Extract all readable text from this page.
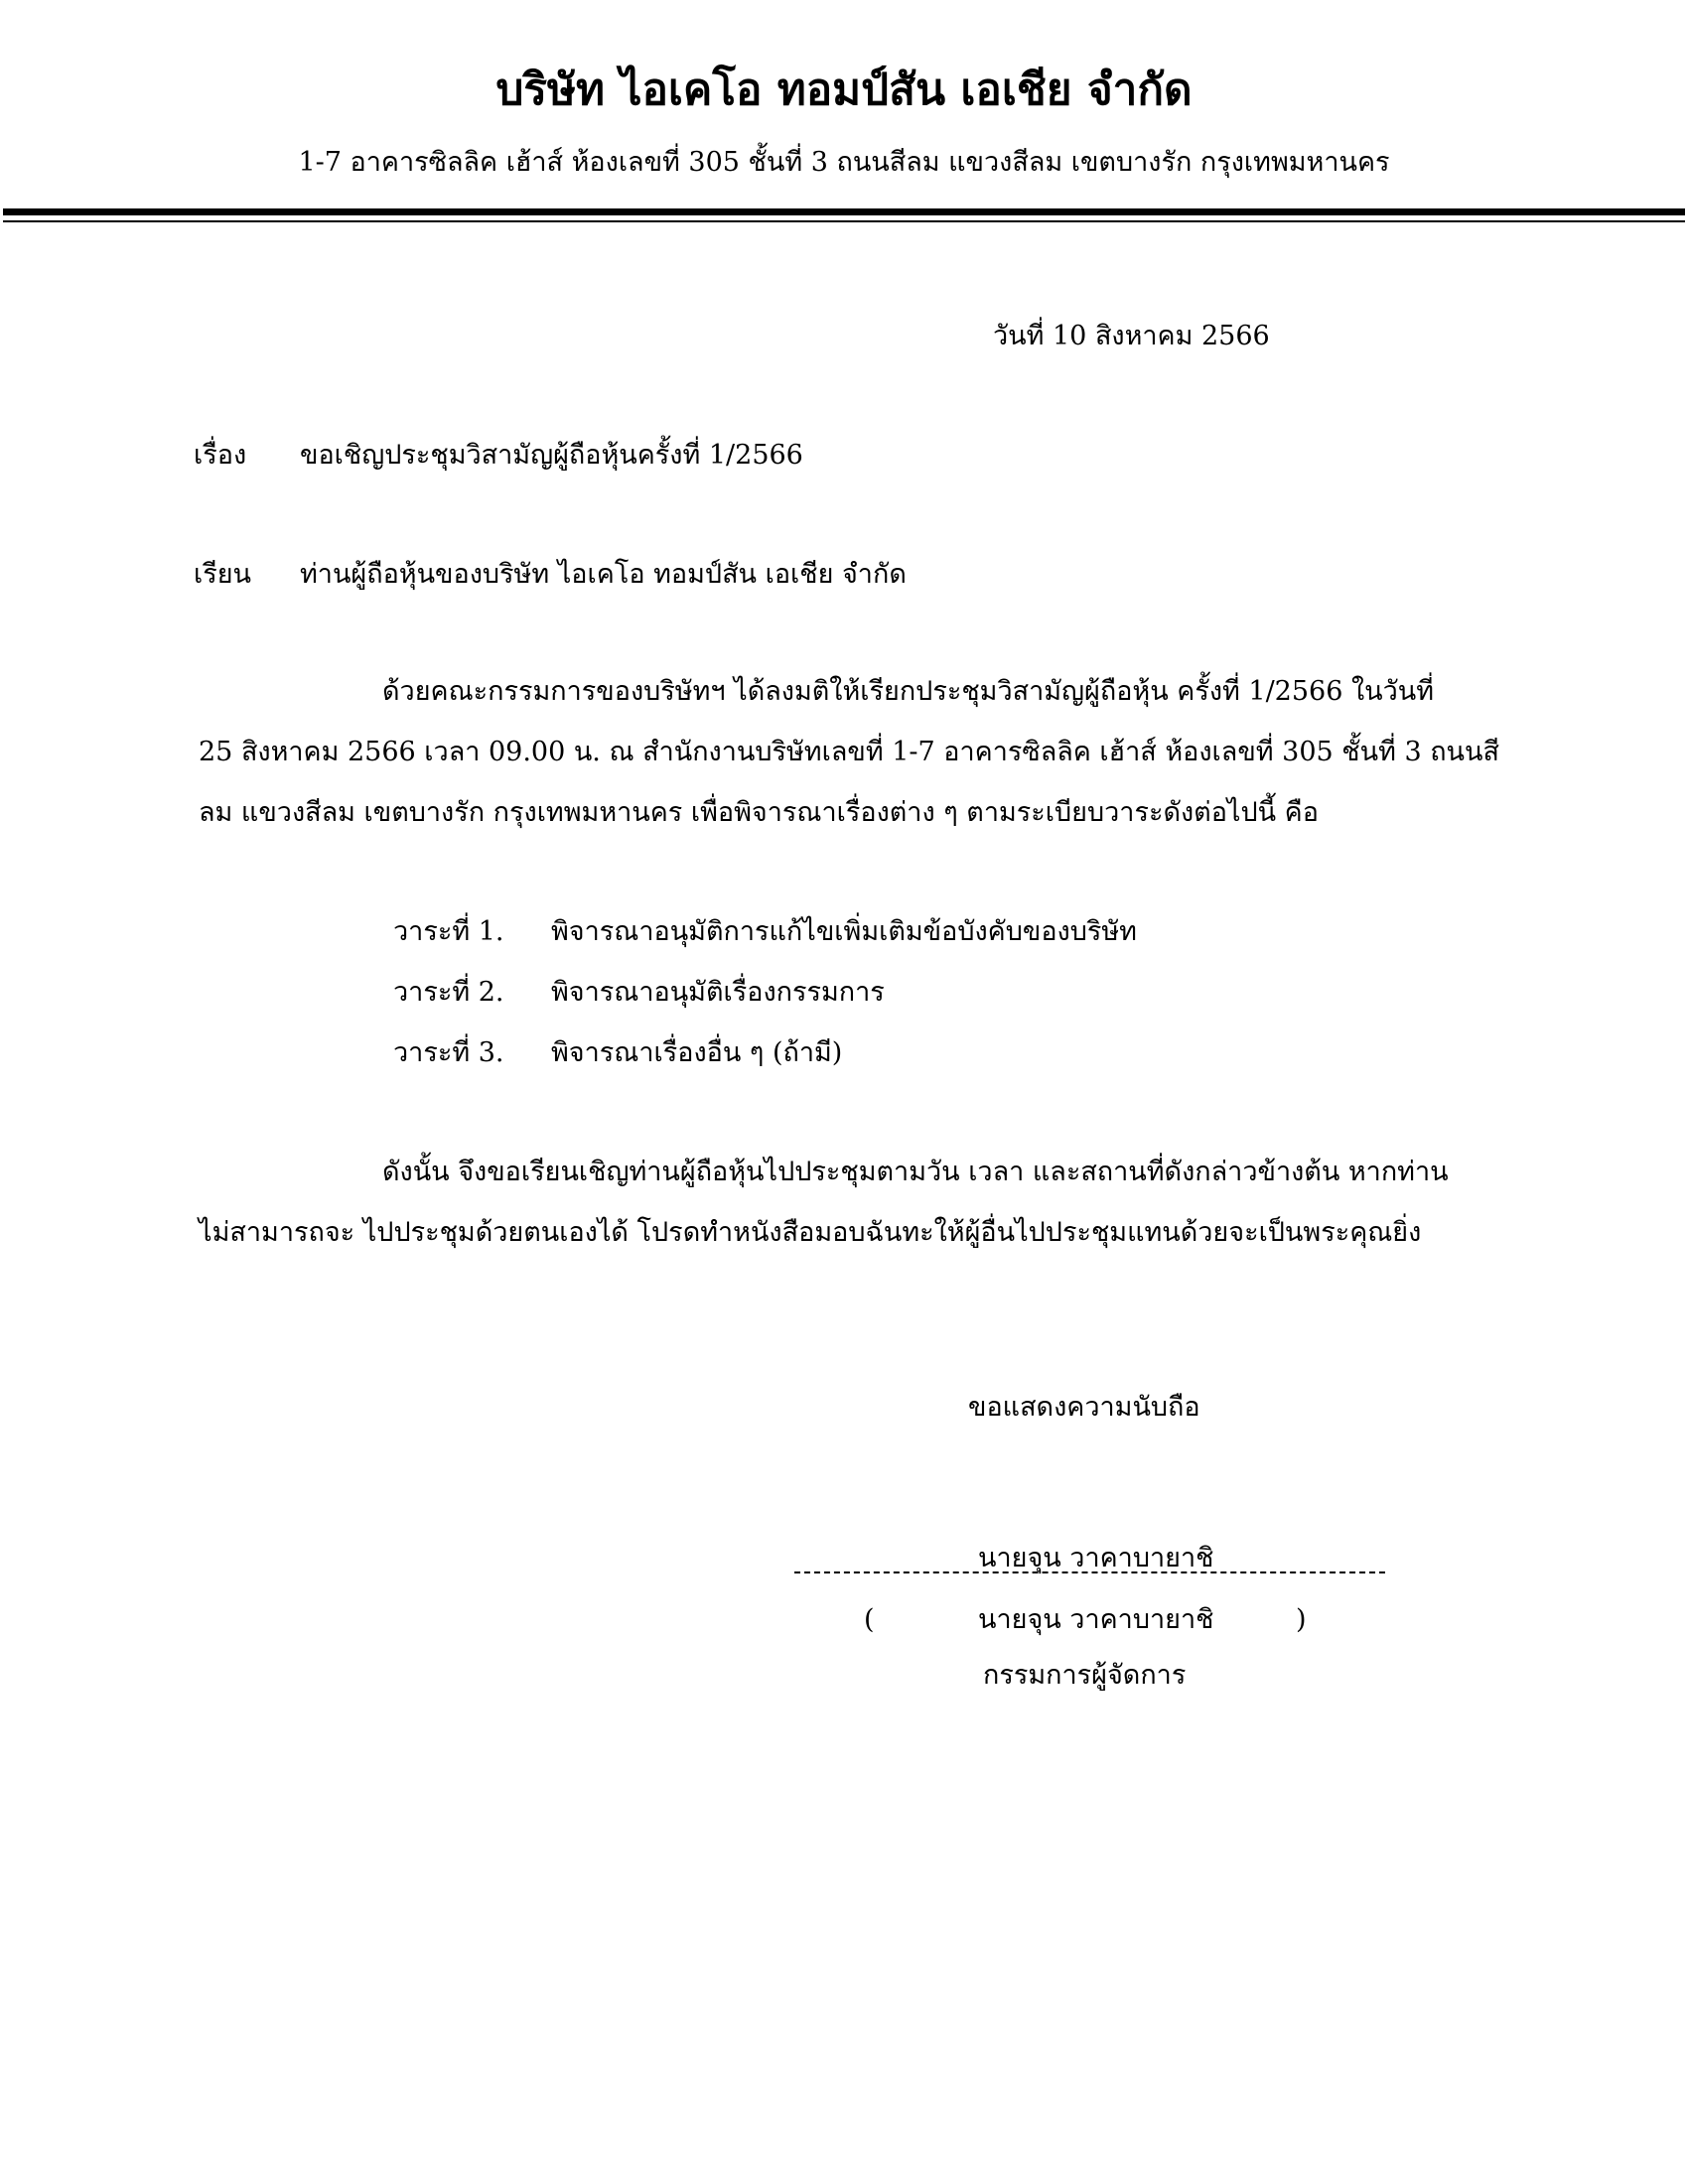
บริษัท ไอเคโอ ทอมป์สัน เอเชีย จำกัด
1-7 อาคารซิลลิค เฮ้าส์ ห้องเลขที่ 305 ชั้นที่ 3 ถนนสีลม แขวงสีลม เขตบางรัก กรุงเทพมหานคร
วันที่ 10 สิงหาคม 2566
เรื่อง ขอเชิญประชุมวิสามัญผู้ถือหุ้นครั้งที่ 1/2566
เรียน ท่านผู้ถือหุ้นของบริษัท ไอเคโอ ทอมป์สัน เอเชีย จำกัด
ด้วยคณะกรรมการของบริษัทฯ ได้ลงมติให้เรียกประชุมวิสามัญผู้ถือหุ้น ครั้งที่ 1/2566 ในวันที่
25 สิงหาคม 2566 เวลา 09.00 น. ณ สำนักงานบริษัทเลขที่ 1-7 อาคารซิลลิค เฮ้าส์ ห้องเลขที่ 305 ชั้นที่ 3 ถนนสี
ลม แขวงสีลม เขตบางรัก กรุงเทพมหานคร เพื่อพิจารณาเรื่องต่าง ๆ ตามระเบียบวาระดังต่อไปนี้ คือ
วาระที่ 1. พิจารณาอนุมัติการแก้ไขเพิ่มเติมข้อบังคับของบริษัท
วาระที่ 2. พิจารณาอนุมัติเรื่องกรรมการ
วาระที่ 3. พิจารณาเรื่องอื่น ๆ (ถ้ามี)
ดังนั้น จึงขอเรียนเชิญท่านผู้ถือหุ้นไปประชุมตามวัน เวลา และสถานที่ดังกล่าวข้างต้น หากท่าน
ไม่สามารถจะ ไปประชุมด้วยตนเองได้ โปรดทำหนังสือมอบฉันทะให้ผู้อื่นไปประชุมแทนด้วยจะเป็นพระคุณยิ่ง
ขอแสดงความนับถือ
นายจุน วาคาบายาชิ
(	นายจุน วาคาบายาชิ	)
กรรมการผู้จัดการ
